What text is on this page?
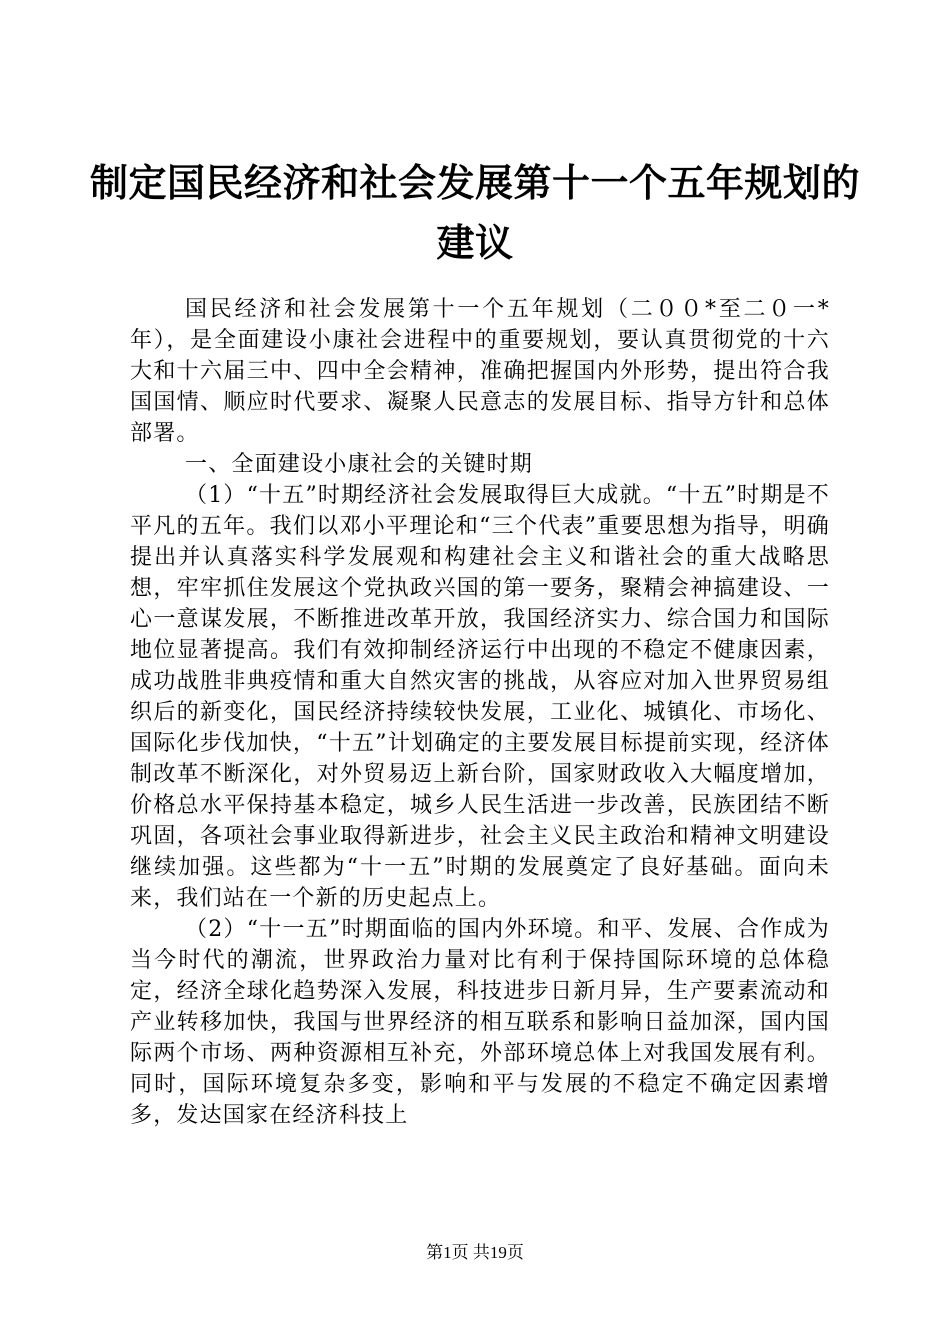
制定国民经济和社会发展第十一个五年规划的
建议

国民经济和社会发展第十一个五年规划（二００*至二０一*年），是全面建设小康社会进程中的重要规划，要认真贯彻党的十六大和十六届三中、四中全会精神，准确把握国内外形势，提出符合我国国情、顺应时代要求、凝聚人民意志的发展目标、指导方针和总体部署。

一、全面建设小康社会的关键时期

（1）“十五”时期经济社会发展取得巨大成就。“十五”时期是不平凡的五年。我们以邓小平理论和“三个代表”重要思想为指导，明确提出并认真落实科学发展观和构建社会主义和谐社会的重大战略思想，牢牢抓住发展这个党执政兴国的第一要务，聚精会神搞建设、一心一意谋发展，不断推进改革开放，我国经济实力、综合国力和国际地位显著提高。我们有效抑制经济运行中出现的不稳定不健康因素，成功战胜非典疫情和重大自然灾害的挑战，从容应对加入世界贸易组织后的新变化，国民经济持续较快发展，工业化、城镇化、市场化、国际化步伐加快，“十五”计划确定的主要发展目标提前实现，经济体制改革不断深化，对外贸易迈上新台阶，国家财政收入大幅度增加，价格总水平保持基本稳定，城乡人民生活进一步改善，民族团结不断巩固，各项社会事业取得新进步，社会主义民主政治和精神文明建设继续加强。这些都为“十一五”时期的发展奠定了良好基础。面向未来，我们站在一个新的历史起点上。

（2）“十一五”时期面临的国内外环境。和平、发展、合作成为当今时代的潮流，世界政治力量对比有利于保持国际环境的总体稳定，经济全球化趋势深入发展，科技进步日新月异，生产要素流动和产业转移加快，我国与世界经济的相互联系和影响日益加深，国内国际两个市场、两种资源相互补充，外部环境总体上对我国发展有利。同时，国际环境复杂多变，影响和平与发展的不稳定不确定因素增多，发达国家在经济科技上

第1页 共19页
